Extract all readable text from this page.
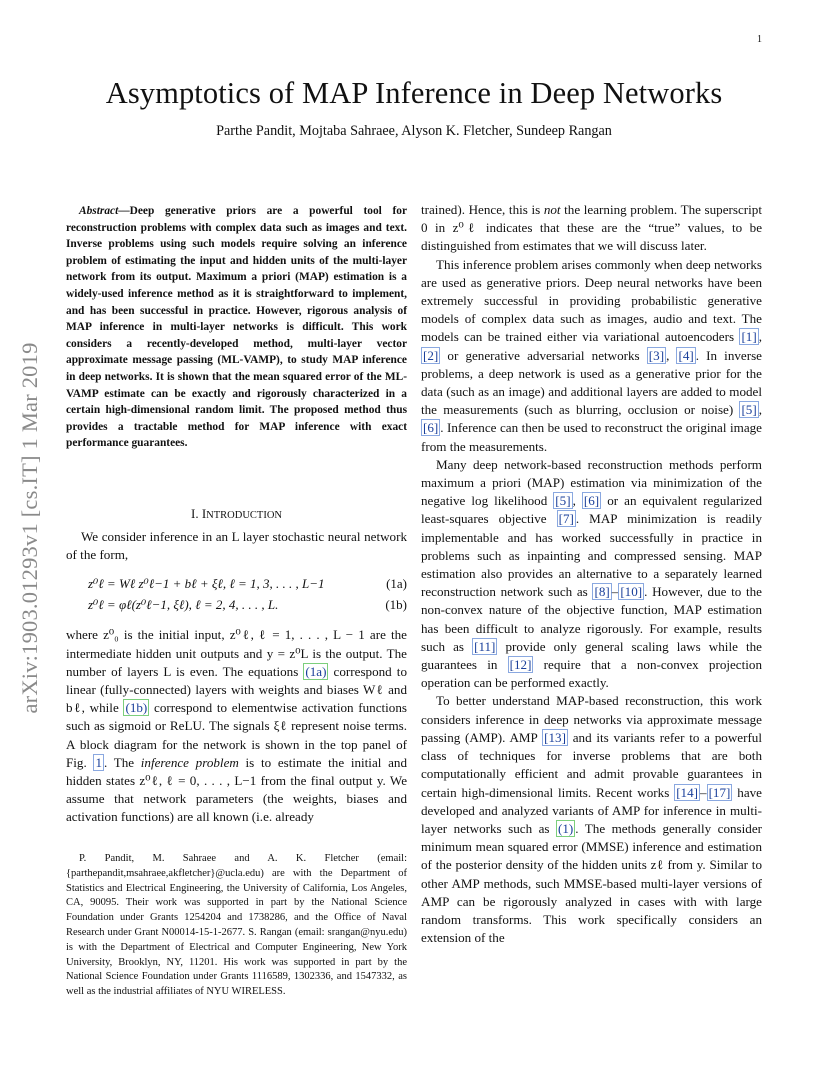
1
arXiv:1903.01293v1 [cs.IT] 1 Mar 2019
Asymptotics of MAP Inference in Deep Networks
Parthe Pandit, Mojtaba Sahraee, Alyson K. Fletcher, Sundeep Rangan

Abstract—Deep generative priors are a powerful tool for reconstruction problems with complex data such as images and text. Inverse problems using such models require solving an inference problem of estimating the input and hidden units of the multi-layer network from its output. Maximum a priori (MAP) estimation is a widely-used inference method as it is straightforward to implement, and has been successful in practice. However, rigorous analysis of MAP inference in multi-layer networks is difficult. This work considers a recently-developed method, multi-layer vector approximate message passing (ML-VAMP), to study MAP inference in deep networks. It is shown that the mean squared error of the ML-VAMP estimate can be exactly and rigorously characterized in a certain high-dimensional random limit. The proposed method thus provides a tractable method for MAP inference with exact performance guarantees.

I. INTRODUCTION

We consider inference in an L layer stochastic neural network of the form,

z⁰ℓ = Wℓ z⁰ℓ−1 + bℓ + ξℓ, ℓ = 1, 3, . . . , L−1	(1a)
z⁰ℓ = φℓ(z⁰ℓ−1, ξℓ), ℓ = 2, 4, . . . , L.	(1b)

where z⁰₀ is the initial input, z⁰ℓ, ℓ = 1, . . . , L − 1 are the intermediate hidden unit outputs and y = z⁰L is the output. The number of layers L is even. The equations (1a) correspond to linear (fully-connected) layers with weights and biases Wℓ and bℓ, while (1b) correspond to elementwise activation functions such as sigmoid or ReLU. The signals ξℓ represent noise terms. A block diagram for the network is shown in the top panel of Fig. 1 . The inference problem is to estimate the initial and hidden states z⁰ℓ, ℓ = 0, . . . , L−1 from the final output y. We assume that network parameters (the weights, biases and activation functions) are all known (i.e. already

P. Pandit, M. Sahraee and A. K. Fletcher (email: {parthepandit,msahraee,akfletcher}@ucla.edu) are with the Department of Statistics and Electrical Engineering, the University of California, Los Angeles, CA, 90095. Their work was supported in part by the National Science Foundation under Grants 1254204 and 1738286, and the Office of Naval Research under Grant N00014-15-1-2677. S. Rangan (email: srangan@nyu.edu) is with the Department of Electrical and Computer Engineering, New York University, Brooklyn, NY, 11201. His work was supported in part by the National Science Foundation under Grants 1116589, 1302336, and 1547332, as well as the industrial affiliates of NYU WIRELESS.

trained). Hence, this is not the learning problem. The superscript 0 in z⁰ℓ indicates that these are the “true” values, to be distinguished from estimates that we will discuss later.

This inference problem arises commonly when deep networks are used as generative priors. Deep neural networks have been extremely successful in providing probabilistic generative models of complex data such as images, audio and text. The models can be trained either via variational autoencoders [1] , [2] or generative adversarial networks [3] , [4] . In inverse problems, a deep network is used as a generative prior for the data (such as an image) and additional layers are added to model the measurements (such as blurring, occlusion or noise) [5] , [6] . Inference can then be used to reconstruct the original image from the measurements.

Many deep network-based reconstruction methods perform maximum a priori (MAP) estimation via minimization of the negative log likelihood [5] , [6] or an equivalent regularized least-squares objective [7] . MAP minimization is readily implementable and has worked successfully in practice in problems such as inpainting and compressed sensing. MAP estimation also provides an alternative to a separately learned reconstruction network such as [8] – [10] . However, due to the non-convex nature of the objective function, MAP estimation has been difficult to analyze rigorously. For example, results such as [11] provide only general scaling laws while the guarantees in [12] require that a non-convex projection operation can be performed exactly.

To better understand MAP-based reconstruction, this work considers inference in deep networks via approximate message passing (AMP). AMP [13] and its variants refer to a powerful class of techniques for inverse problems that are both computationally efficient and admit provable guarantees in certain high-dimensional limits. Recent works [14] – [17] have developed and analyzed variants of AMP for inference in multi-layer networks such as (1) . The methods generally consider minimum mean squared error (MMSE) inference and estimation of the posterior density of the hidden units zℓ from y. Similar to other AMP methods, such MMSE-based multi-layer versions of AMP can be rigorously analyzed in cases with with large random transforms. This work specifically considers an extension of the
